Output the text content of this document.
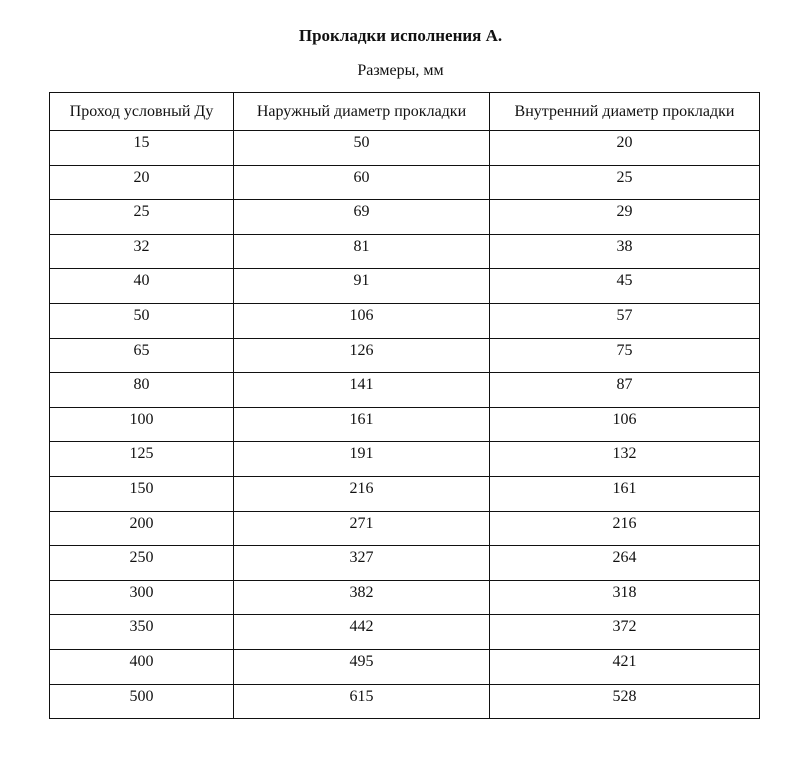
Прокладки исполнения А.
Размеры, мм
Проход условный Ду	Наружный диаметр прокладки	Внутренний диаметр прокладки
15	50	20
20	60	25
25	69	29
32	81	38
40	91	45
50	106	57
65	126	75
80	141	87
100	161	106
125	191	132
150	216	161
200	271	216
250	327	264
300	382	318
350	442	372
400	495	421
500	615	528
